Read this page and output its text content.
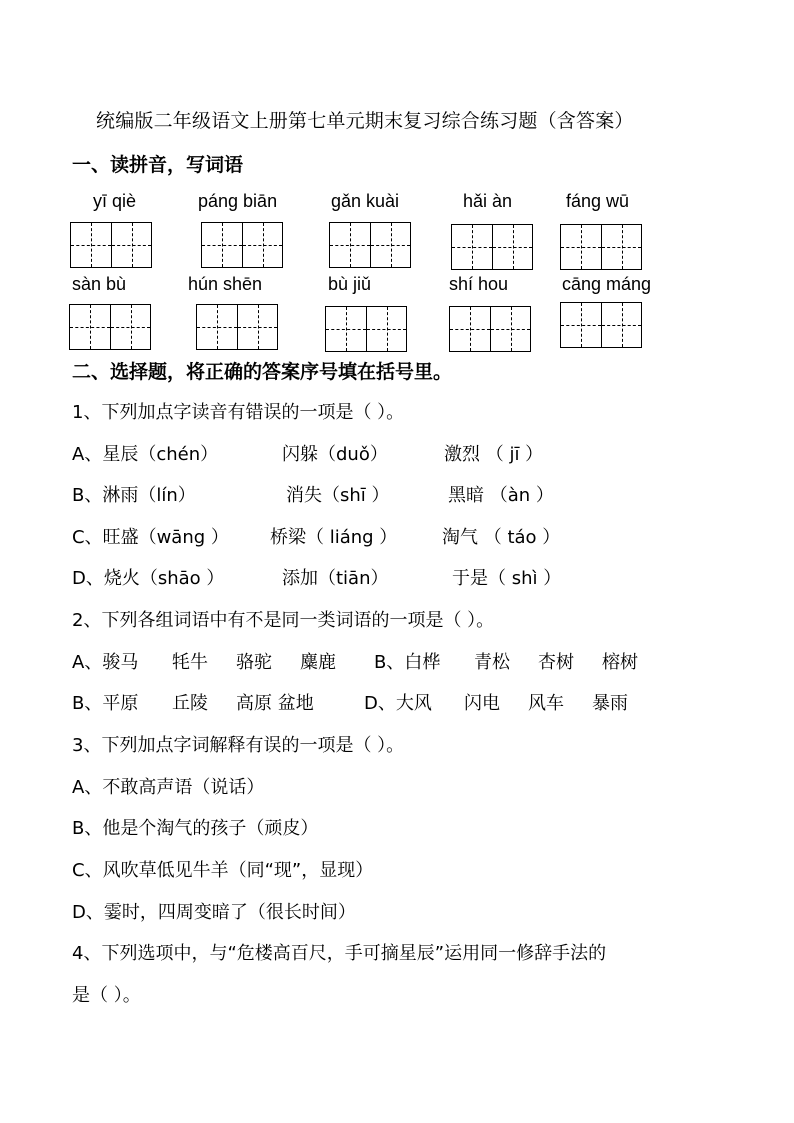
统编版二年级语文上册第七单元期末复习综合练习题（含答案）
一、读拼音，写词语
yī qiè	páng biān	gǎn kuài	hǎi àn	fáng wū
sàn bù	hún shēn	bù jiǔ	shí hou	cāng máng
二、选择题，将正确的答案序号填在括号里。
1、下列加点字读音有错误的一项是（ ）。
A、星辰（chén）	闪躲（duǒ）	激烈 （ jī ）
B、淋雨（lín）	消失（shī ）	黑暗 （àn ）
C、旺盛（wāng ） 桥梁（ liáng ） 淘气 （ táo ）
D、烧火（shāo ）	添加（tiān）	于是（ shì ）
2、下列各组词语中有不是同一类词语的一项是（ ）。
A、骏马 牦牛 骆驼 麋鹿 B、白桦 青松 杏树 榕树
B、平原 丘陵 高原 盆地	D、大风 闪电 风车 暴雨
3、下列加点字词解释有误的一项是（ ）。
A、不敢高声语（说话）
B、他是个淘气的孩子（顽皮）
C、风吹草低见牛羊（同“现”，显现）
D、霎时，四周变暗了（很长时间）
4、下列选项中，与“危楼高百尺，手可摘星辰”运用同一修辞手法的
是（ ）。
